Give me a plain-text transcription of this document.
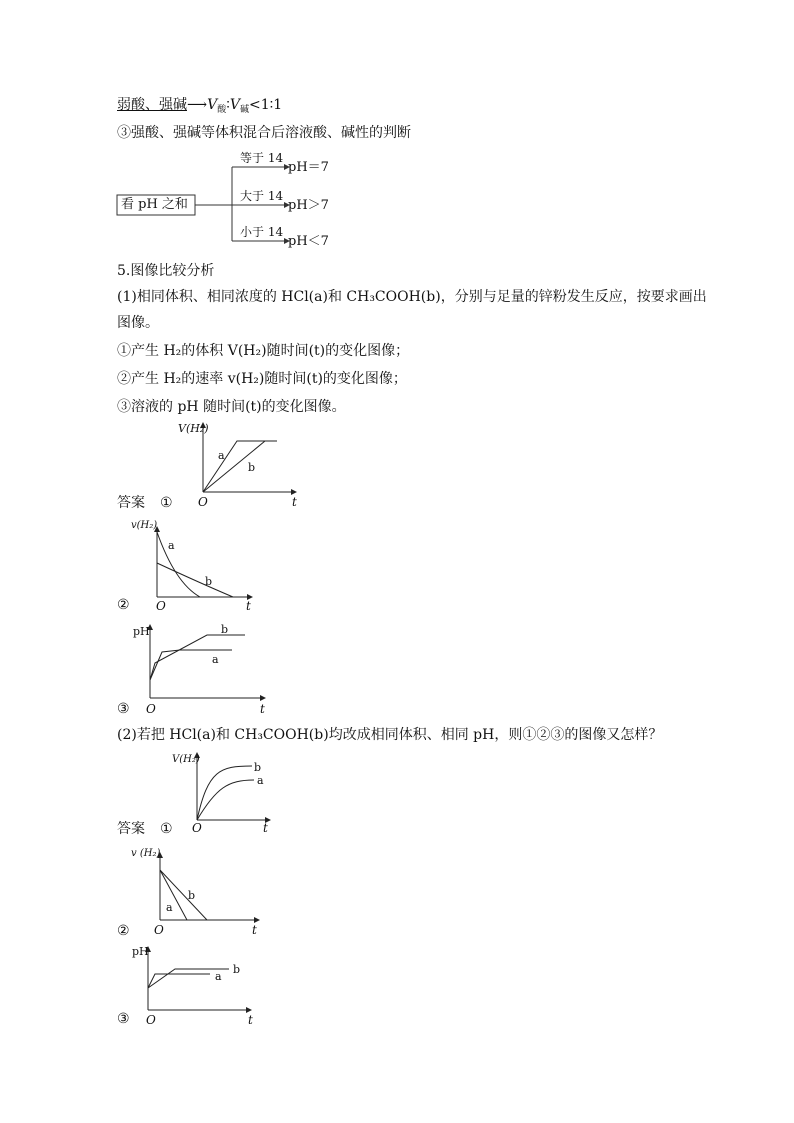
弱酸、强碱$⟶V_酸∶V_碱<1∶1$
③强酸、强碱等体积混合后溶液酸、碱性的判断
看 pH 之和
等于 14
pH＝7
大于 14
pH＞7
小于 14
pH＜7
5.图像比较分析
(1)相同体积、相同浓度的 HCl(a)和 CH₃COOH(b)，分别与足量的锌粉发生反应，按要求画出
图像。
①产生 H₂的体积 V(H₂)随时间(t)的变化图像；
②产生 H₂的速率 v(H₂)随时间(t)的变化图像；
③溶液的 pH 随时间(t)的变化图像。
答案 ①
②
③
V(H₂)
O	t
a
b
v(H₂)
O	t
a
b
pH
O	t
b
a
(2)若把 HCl(a)和 CH₃COOH(b)均改成相同体积、相同 pH，则①②③的图像又怎样？
答案 ①
②
③
V(H₂)
O	t
b
a
v (H₂)
O	t
b
a
pH
O	t
b
a
